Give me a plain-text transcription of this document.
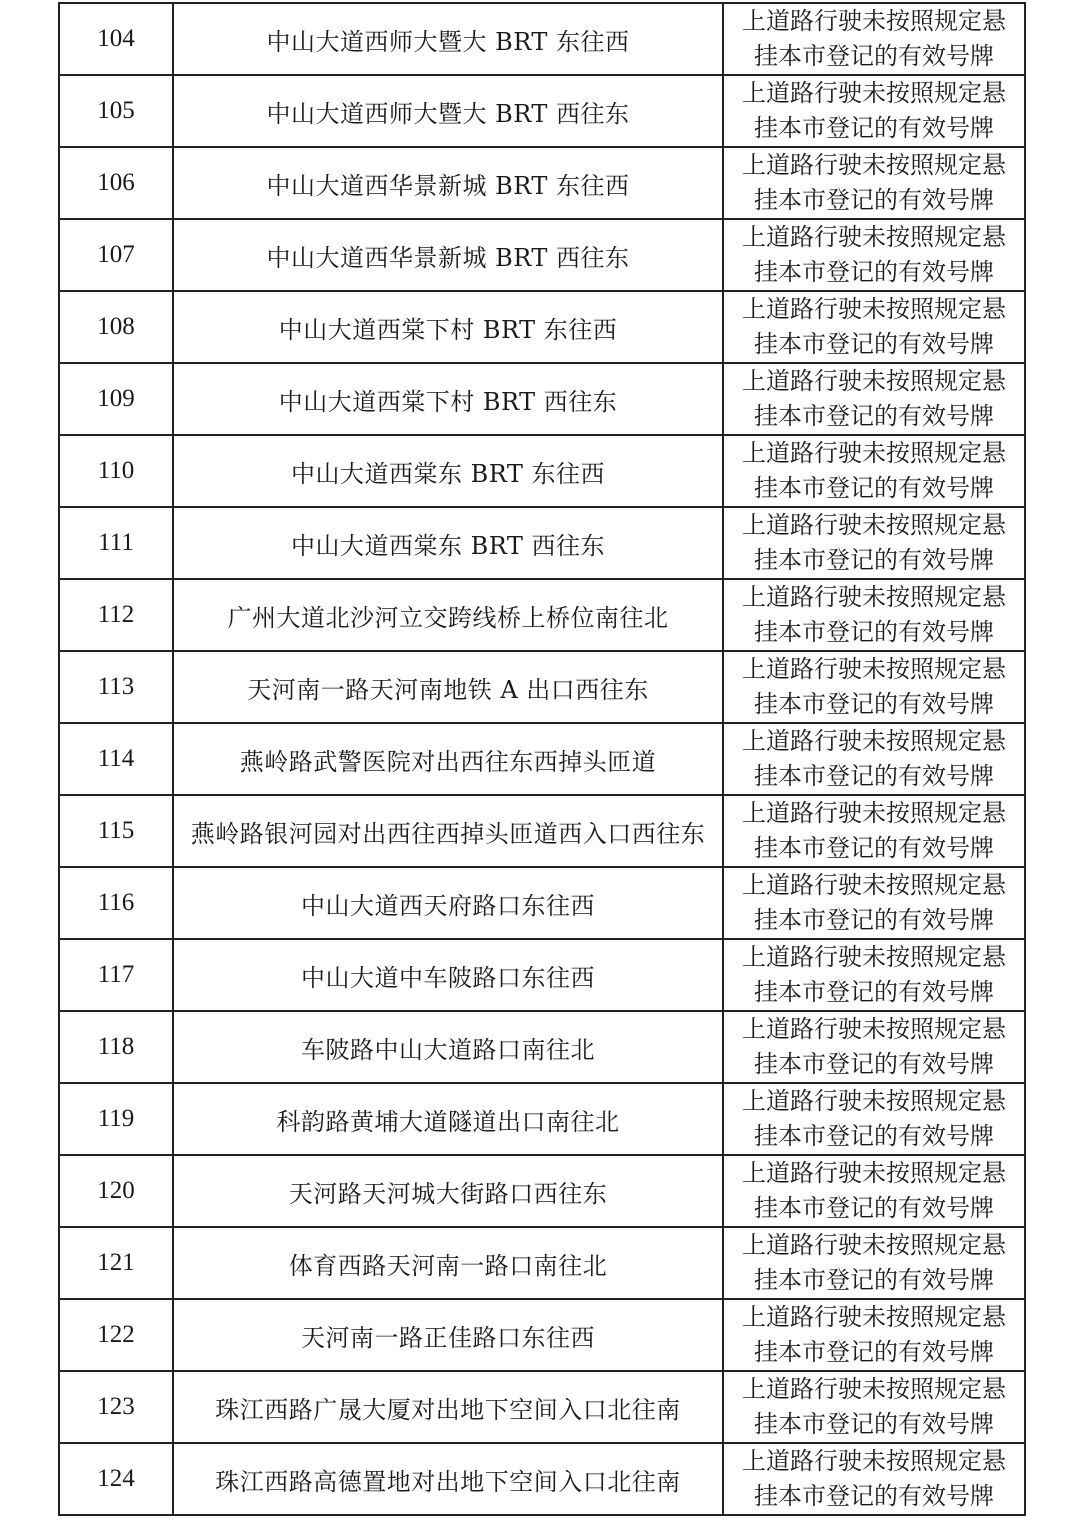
104	中山大道西师大暨大 BRT 东往西	上道路行驶未按照规定悬
挂本市登记的有效号牌

105	中山大道西师大暨大 BRT 西往东	上道路行驶未按照规定悬
挂本市登记的有效号牌

106	中山大道西华景新城 BRT 东往西	上道路行驶未按照规定悬
挂本市登记的有效号牌

107	中山大道西华景新城 BRT 西往东	上道路行驶未按照规定悬
挂本市登记的有效号牌

108	中山大道西棠下村 BRT 东往西	上道路行驶未按照规定悬
挂本市登记的有效号牌

109	中山大道西棠下村 BRT 西往东	上道路行驶未按照规定悬
挂本市登记的有效号牌

110	中山大道西棠东 BRT 东往西	上道路行驶未按照规定悬
挂本市登记的有效号牌

111	中山大道西棠东 BRT 西往东	上道路行驶未按照规定悬
挂本市登记的有效号牌

112	广州大道北沙河立交跨线桥上桥位南往北	上道路行驶未按照规定悬
挂本市登记的有效号牌

113	天河南一路天河南地铁 A 出口西往东	上道路行驶未按照规定悬
挂本市登记的有效号牌

114	燕岭路武警医院对出西往东西掉头匝道	上道路行驶未按照规定悬
挂本市登记的有效号牌

115	燕岭路银河园对出西往西掉头匝道西入口西往东	上道路行驶未按照规定悬
挂本市登记的有效号牌

116	中山大道西天府路口东往西	上道路行驶未按照规定悬
挂本市登记的有效号牌

117	中山大道中车陂路口东往西	上道路行驶未按照规定悬
挂本市登记的有效号牌

118	车陂路中山大道路口南往北	上道路行驶未按照规定悬
挂本市登记的有效号牌

119	科韵路黄埔大道隧道出口南往北	上道路行驶未按照规定悬
挂本市登记的有效号牌

120	天河路天河城大街路口西往东	上道路行驶未按照规定悬
挂本市登记的有效号牌

121	体育西路天河南一路口南往北	上道路行驶未按照规定悬
挂本市登记的有效号牌

122	天河南一路正佳路口东往西	上道路行驶未按照规定悬
挂本市登记的有效号牌

123	珠江西路广晟大厦对出地下空间入口北往南	上道路行驶未按照规定悬
挂本市登记的有效号牌

124	珠江西路高德置地对出地下空间入口北往南	上道路行驶未按照规定悬
挂本市登记的有效号牌
